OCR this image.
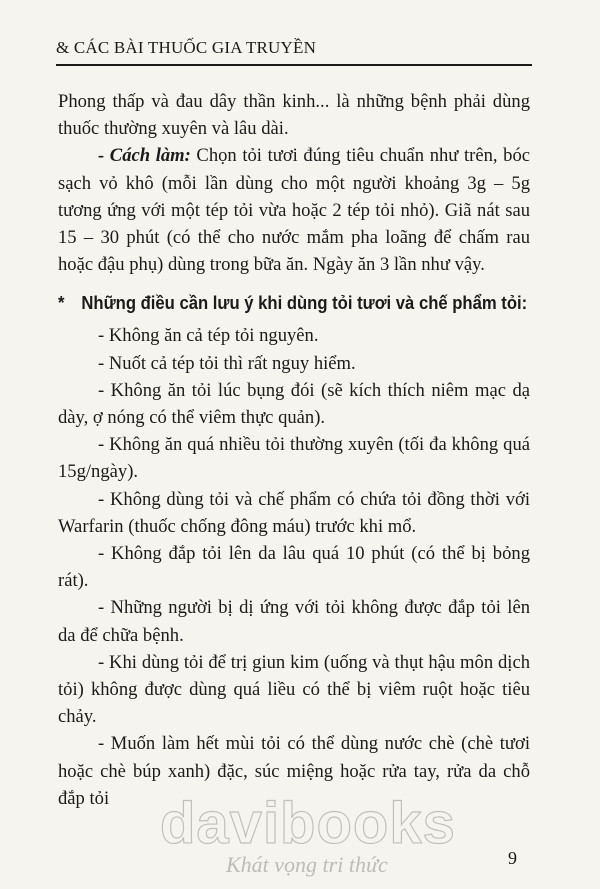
& CÁC BÀI THUỐC GIA TRUYỀN

Phong thấp và đau dây thần kinh... là những bệnh phải dùng thuốc thường xuyên và lâu dài.

- Cách làm: Chọn tỏi tươi đúng tiêu chuẩn như trên, bóc sạch vỏ khô (mỗi lần dùng cho một người khoảng 3g – 5g tương ứng với một tép tỏi vừa hoặc 2 tép tỏi nhỏ). Giã nát sau 15 – 30 phút (có thể cho nước mắm pha loãng để chấm rau hoặc đậu phụ) dùng trong bữa ăn. Ngày ăn 3 lần như vậy.

* Những điều cần lưu ý khi dùng tỏi tươi và chế phẩm tỏi:

- Không ăn cả tép tỏi nguyên.

- Nuốt cả tép tỏi thì rất nguy hiểm.

- Không ăn tỏi lúc bụng đói (sẽ kích thích niêm mạc dạ dày, ợ nóng có thể viêm thực quản).

- Không ăn quá nhiều tỏi thường xuyên (tối đa không quá 15g/ngày).

- Không dùng tỏi và chế phẩm có chứa tỏi đồng thời với Warfarin (thuốc chống đông máu) trước khi mổ.

- Không đắp tỏi lên da lâu quá 10 phút (có thể bị bỏng rát).

- Những người bị dị ứng với tỏi không được đắp tỏi lên da để chữa bệnh.

- Khi dùng tỏi để trị giun kim (uống và thụt hậu môn dịch tỏi) không được dùng quá liều có thể bị viêm ruột hoặc tiêu chảy.

- Muốn làm hết mùi tỏi có thể dùng nước chè (chè tươi hoặc chè búp xanh) đặc, súc miệng hoặc rửa tay, rửa da chỗ đắp tỏi davibooks
Khát vọng tri thức	9
